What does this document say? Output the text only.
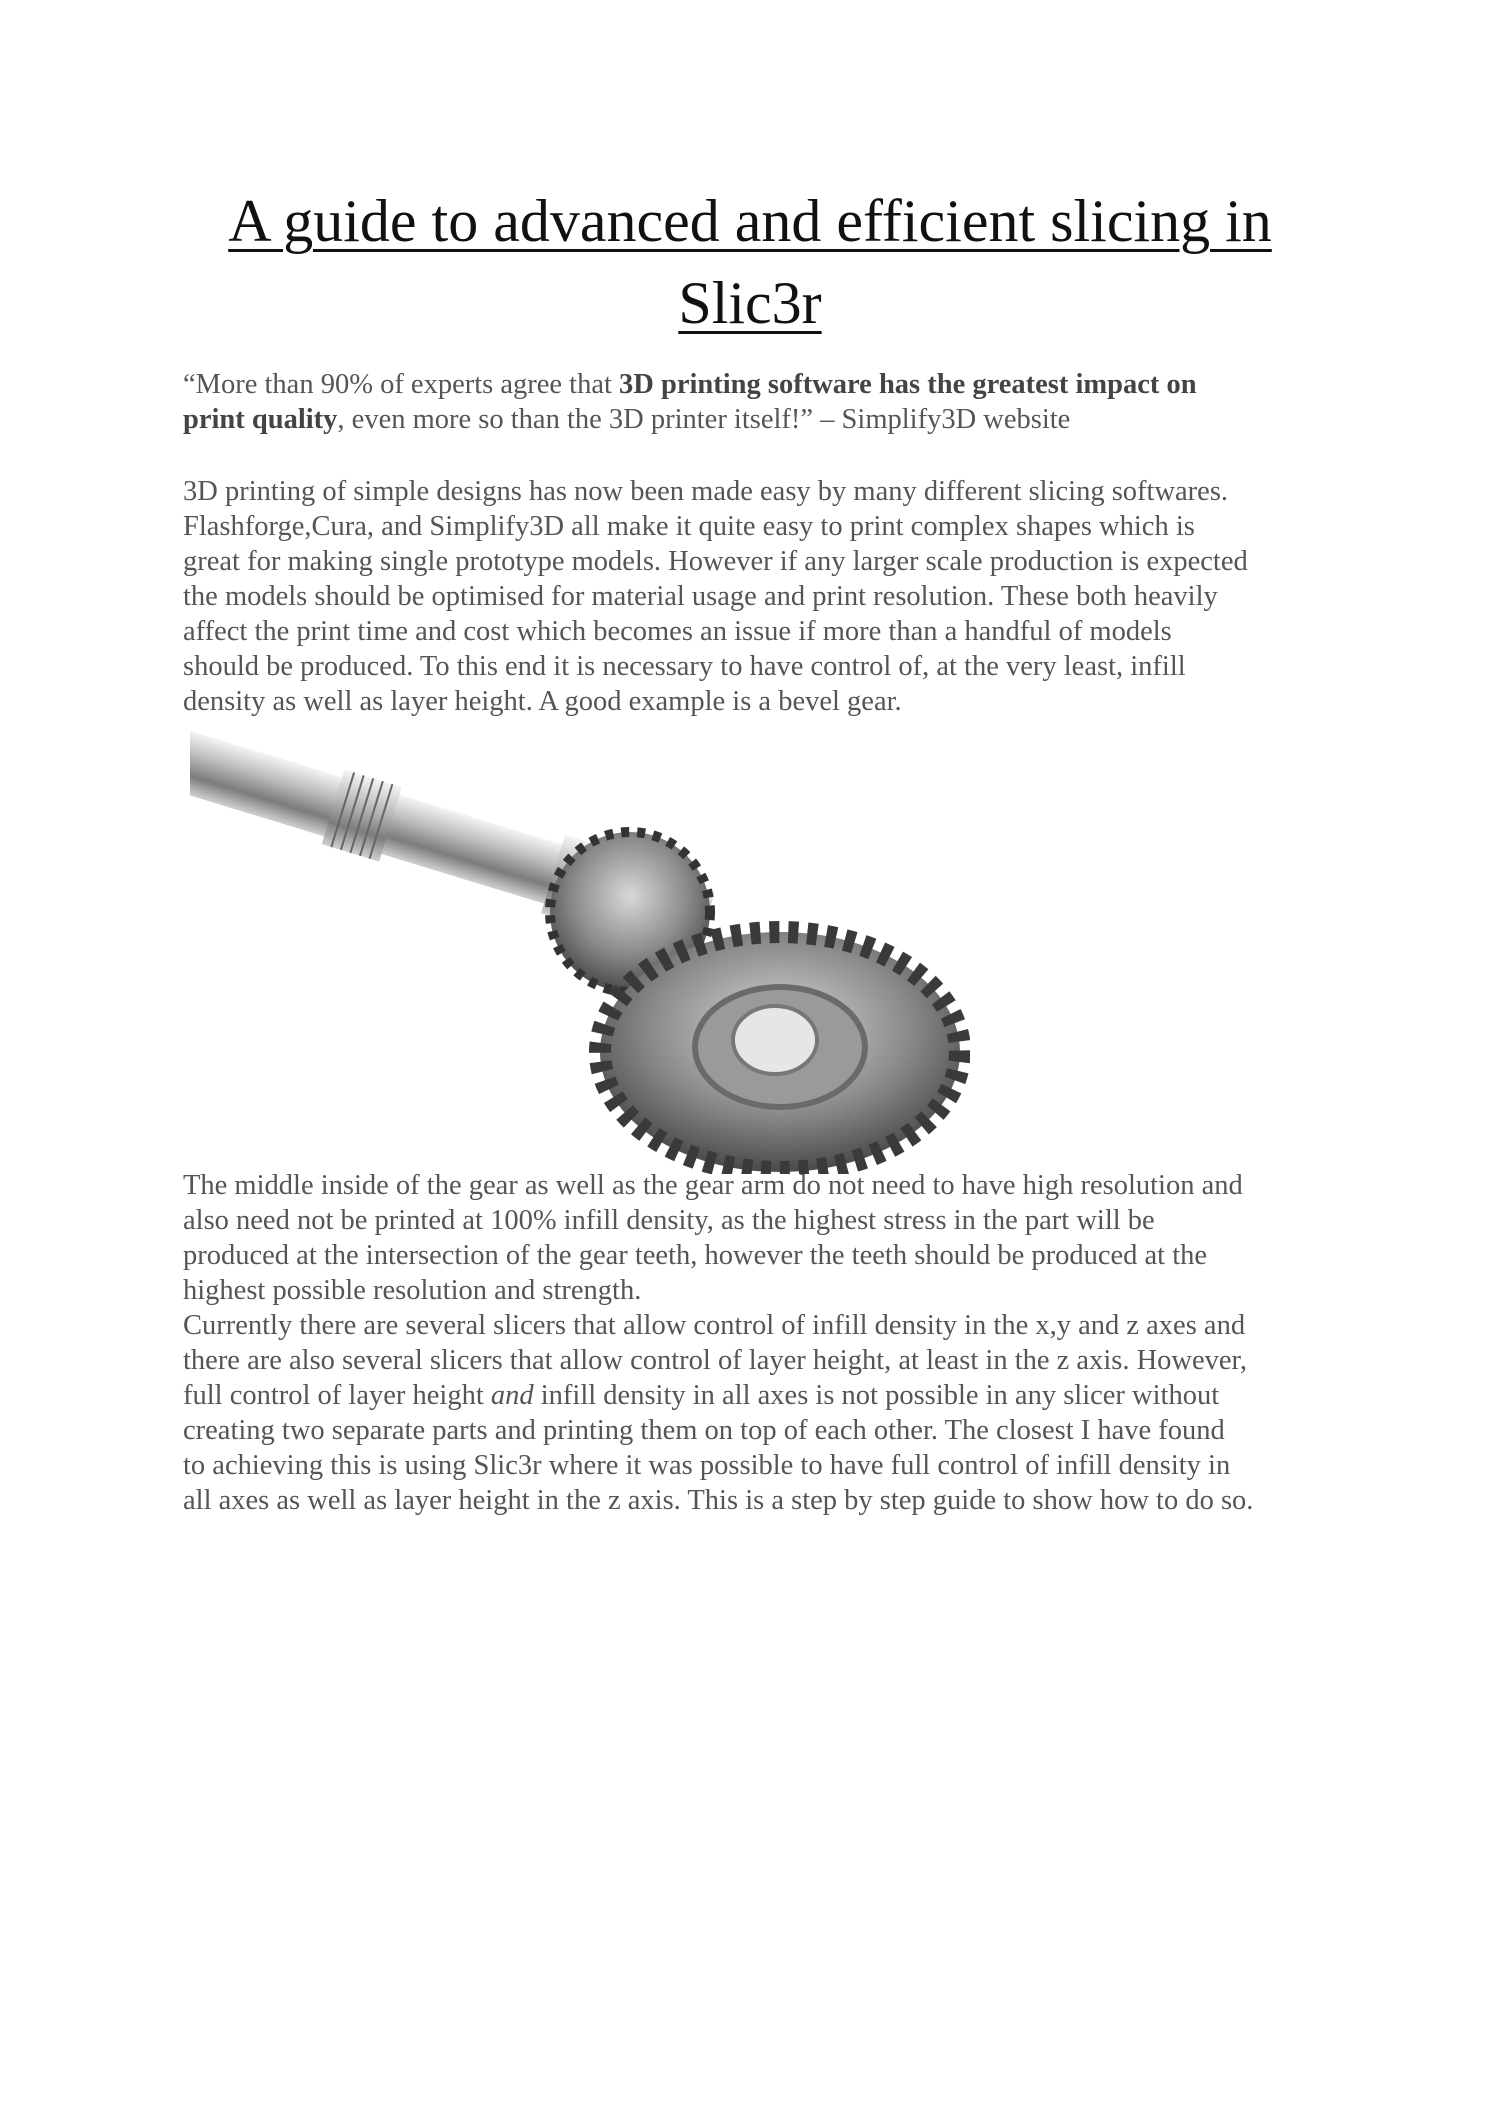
A guide to advanced and efficient slicing in
Slic3r
“More than 90% of experts agree that 3D printing software has the greatest impact on
print quality, even more so than the 3D printer itself!” – Simplify3D website
3D printing of simple designs has now been made easy by many different slicing softwares.
Flashforge,Cura, and Simplify3D all make it quite easy to print complex shapes which is
great for making single prototype models. However if any larger scale production is expected
the models should be optimised for material usage and print resolution. These both heavily
affect the print time and cost which becomes an issue if more than a handful of models
should be produced. To this end it is necessary to have control of, at the very least, infill
density as well as layer height. A good example is a bevel gear.
The middle inside of the gear as well as the gear arm do not need to have high resolution and
also need not be printed at 100% infill density, as the highest stress in the part will be
produced at the intersection of the gear teeth, however the teeth should be produced at the
highest possible resolution and strength.
Currently there are several slicers that allow control of infill density in the x,y and z axes and
there are also several slicers that allow control of layer height, at least in the z axis. However,
full control of layer height and infill density in all axes is not possible in any slicer without
creating two separate parts and printing them on top of each other. The closest I have found
to achieving this is using Slic3r where it was possible to have full control of infill density in
all axes as well as layer height in the z axis. This is a step by step guide to show how to do so.
